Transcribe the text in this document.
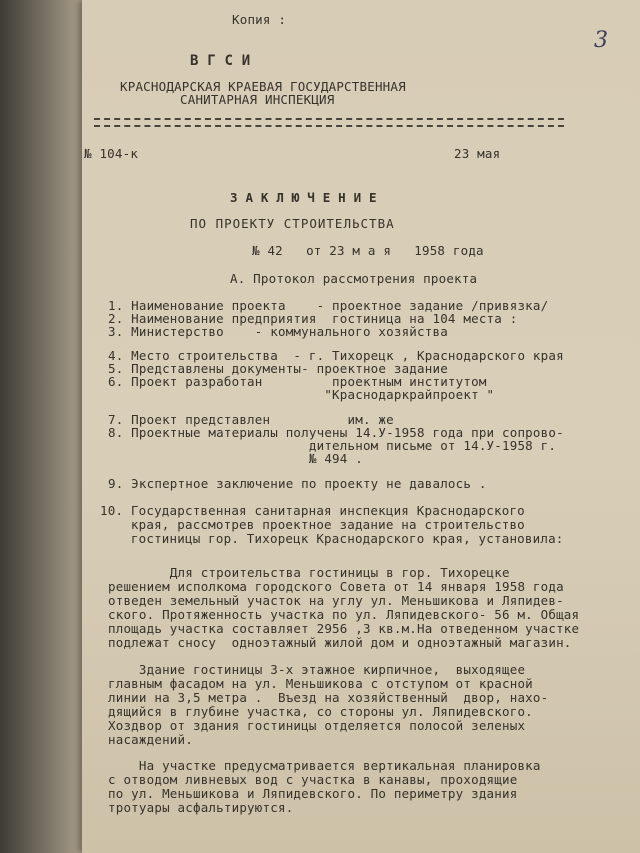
Копия :

3

В Г С И

КРАСНОДАРСКАЯ КРАЕВАЯ ГОСУДАРСТВЕННАЯ

САНИТАРНАЯ ИНСПЕКЦИЯ

№ 104-к	23 мая

З А К Л Ю Ч Е Н И Е

ПО ПРОЕКТУ СТРОИТЕЛЬСТВА

№ 42   от 23 м а я   1958 года

А. Протокол рассмотрения проекта

1. Наименование проекта    - проектное задание /привязка/

2. Наименование предприятия  гостиница на 104 места :

3. Министерство    - коммунального хозяйства

4. Место строительства  - г. Тихорецк , Краснодарского края

5. Представлены документы- проектное задание

6. Проект разработан         проектным институтом

"Краснодаркрайпроект "

7. Проект представлен          им. же

8. Проектные материалы получены 14.У-1958 года при сопрово-

дительном письме от 14.У-1958 г.

№ 494 .

9. Экспертное заключение по проекту не давалось .

10. Государственная санитарная инспекция Краснодарского

края, рассмотрев проектное задание на строительство

гостиницы гор. Тихорецк Краснодарского края, установила:

Для строительства гостиницы в гор. Тихорецке

решением исполкома городского Совета от 14 января 1958 года

отведен земельный участок на углу ул. Меньшикова и Ляпидев-

ского. Протяженность участка по ул. Ляпидевского- 56 м. Общая

площадь участка составляет 2956 ,3 кв.м.На отведенном участке

подлежат сносу  одноэтажный жилой дом и одноэтажный магазин.

Здание гостиницы 3-х этажное кирпичное,  выходящее

главным фасадом на ул. Меньшикова с отступом от красной

линии на 3,5 метра .  Въезд на хозяйственный  двор, нахо-

дящийся в глубине участка, со стороны ул. Ляпидевского.

Хоздвор от здания гостиницы отделяется полосой зеленых

насаждений.

На участке предусматривается вертикальная планировка

с отводом ливневых вод с участка в канавы, проходящие

по ул. Меньшикова и Ляпидевского. По периметру здания

тротуары асфальтируются.
